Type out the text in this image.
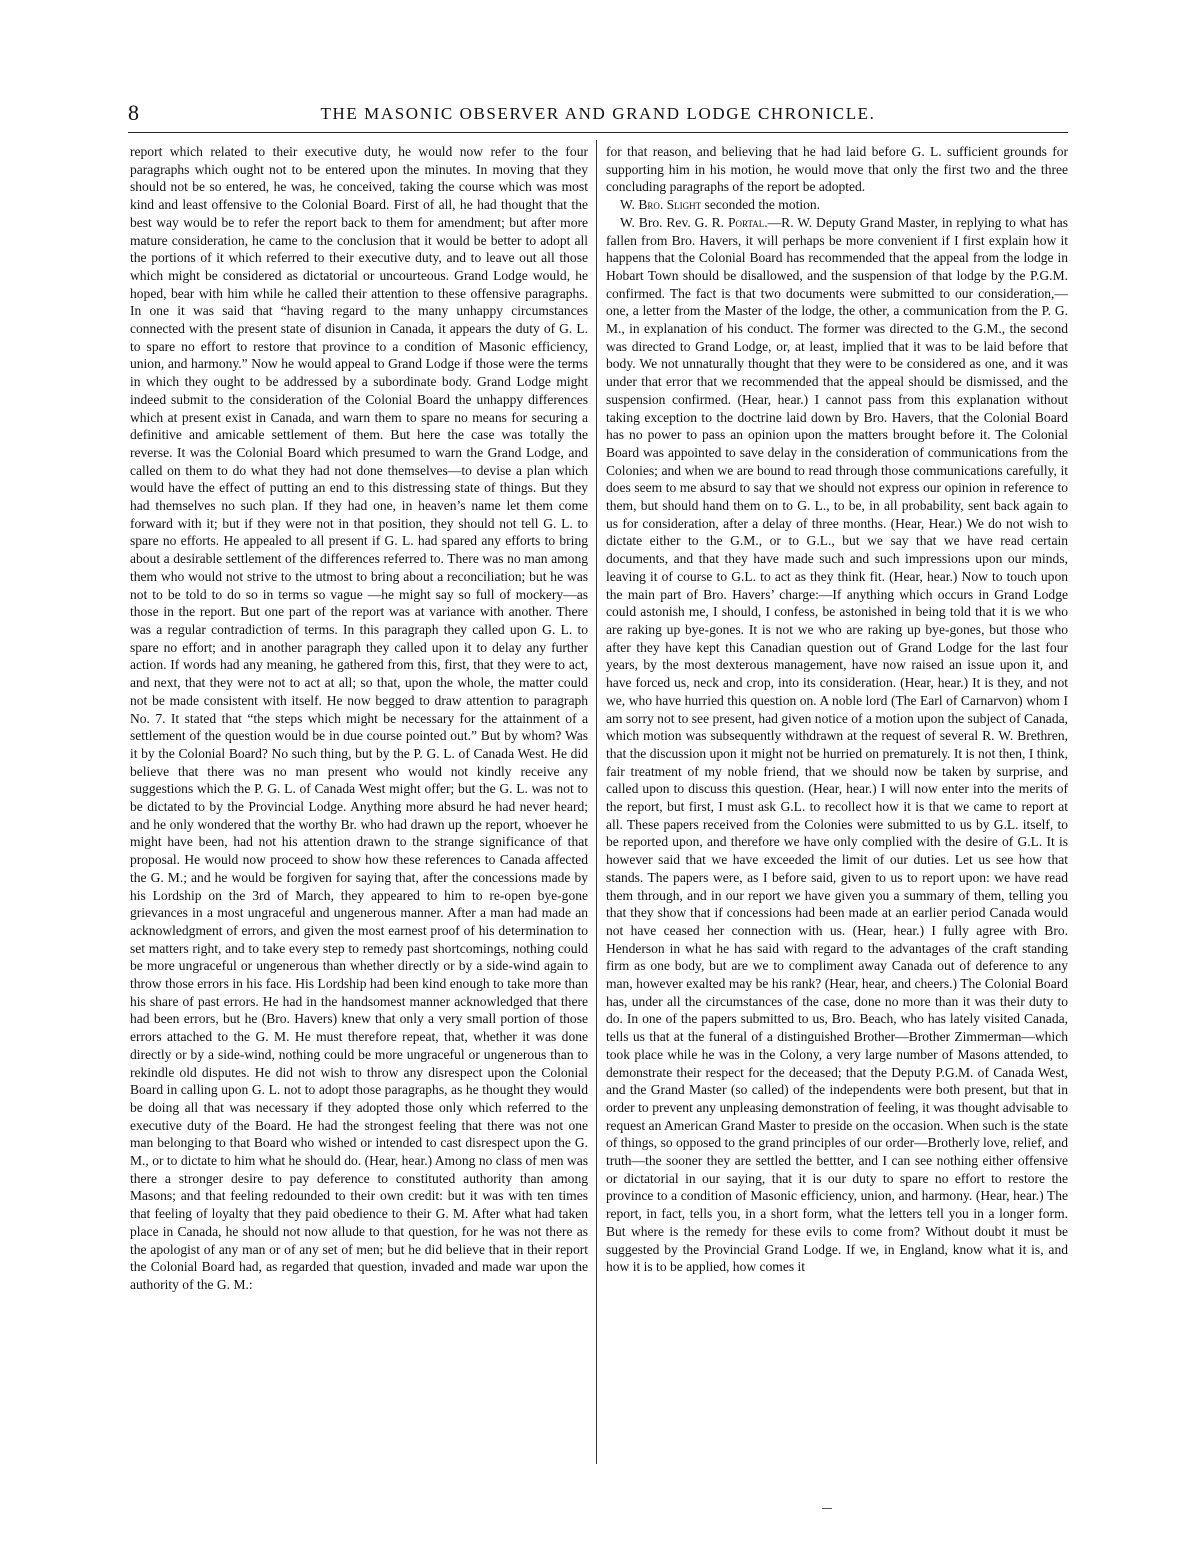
8	THE MASONIC OBSERVER AND GRAND LODGE CHRONICLE.

report which related to their executive duty, he would now refer to the four paragraphs which ought not to be entered upon the minutes. In moving that they should not be so entered, he was, he conceived, taking the course which was most kind and least offensive to the Colonial Board. First of all, he had thought that the best way would be to refer the report back to them for amendment; but after more mature consideration, he came to the conclusion that it would be better to adopt all the portions of it which referred to their executive duty, and to leave out all those which might be considered as dictatorial or uncourteous. Grand Lodge would, he hoped, bear with him while he called their attention to these offensive paragraphs. In one it was said that “having regard to the many unhappy circumstances connected with the present state of disunion in Canada, it appears the duty of G. L. to spare no effort to restore that province to a condition of Masonic efficiency, union, and harmony.” Now he would appeal to Grand Lodge if those were the terms in which they ought to be addressed by a subordinate body. Grand Lodge might indeed submit to the consideration of the Colonial Board the unhappy differences which at present exist in Canada, and warn them to spare no means for securing a definitive and amicable settlement of them. But here the case was totally the reverse. It was the Colonial Board which presumed to warn the Grand Lodge, and called on them to do what they had not done themselves—to devise a plan which would have the effect of putting an end to this distressing state of things. But they had themselves no such plan. If they had one, in heaven’s name let them come forward with it; but if they were not in that position, they should not tell G. L. to spare no efforts. He appealed to all present if G. L. had spared any efforts to bring about a desirable settlement of the differences referred to. There was no man among them who would not strive to the utmost to bring about a reconciliation; but he was not to be told to do so in terms so vague —he might say so full of mockery—as those in the report. But one part of the report was at variance with another. There was a regular contradiction of terms. In this paragraph they called upon G. L. to spare no effort; and in another paragraph they called upon it to delay any further action. If words had any meaning, he gathered from this, first, that they were to act, and next, that they were not to act at all; so that, upon the whole, the matter could not be made consistent with itself. He now begged to draw attention to paragraph No. 7. It stated that “the steps which might be necessary for the attainment of a settlement of the question would be in due course pointed out.” But by whom? Was it by the Colonial Board? No such thing, but by the P. G. L. of Canada West. He did believe that there was no man present who would not kindly receive any suggestions which the P. G. L. of Canada West might offer; but the G. L. was not to be dictated to by the Provincial Lodge. Anything more absurd he had never heard; and he only wondered that the worthy Br. who had drawn up the report, whoever he might have been, had not his attention drawn to the strange significance of that proposal. He would now proceed to show how these references to Canada affected the G. M.; and he would be forgiven for saying that, after the concessions made by his Lordship on the 3rd of March, they appeared to him to re-open bye-gone grievances in a most ungraceful and ungenerous manner. After a man had made an acknowledgment of errors, and given the most earnest proof of his determination to set matters right, and to take every step to remedy past shortcomings, nothing could be more ungraceful or ungenerous than whether directly or by a side-wind again to throw those errors in his face. His Lordship had been kind enough to take more than his share of past errors. He had in the handsomest manner acknowledged that there had been errors, but he (Bro. Havers) knew that only a very small portion of those errors attached to the G. M. He must therefore repeat, that, whether it was done directly or by a side-wind, nothing could be more ungraceful or ungenerous than to rekindle old disputes. He did not wish to throw any disrespect upon the Colonial Board in calling upon G. L. not to adopt those paragraphs, as he thought they would be doing all that was necessary if they adopted those only which referred to the executive duty of the Board. He had the strongest feeling that there was not one man belonging to that Board who wished or intended to cast disrespect upon the G. M., or to dictate to him what he should do. (Hear, hear.) Among no class of men was there a stronger desire to pay deference to constituted authority than among Masons; and that feeling redounded to their own credit: but it was with ten times that feeling of loyalty that they paid obedience to their G. M. After what had taken place in Canada, he should not now allude to that question, for he was not there as the apologist of any man or of any set of men; but he did believe that in their report the Colonial Board had, as regarded that question, invaded and made war upon the authority of the G. M.:

for that reason, and believing that he had laid before G. L. sufficient grounds for supporting him in his motion, he would move that only the first two and the three concluding paragraphs of the report be adopted.

W. Bro. Slight seconded the motion.

W. Bro. Rev. G. R. Portal.—R. W. Deputy Grand Master, in replying to what has fallen from Bro. Havers, it will perhaps be more convenient if I first explain how it happens that the Colonial Board has recommended that the appeal from the lodge in Hobart Town should be disallowed, and the suspension of that lodge by the P.G.M. confirmed. The fact is that two documents were submitted to our consideration,—one, a letter from the Master of the lodge, the other, a communication from the P. G. M., in explanation of his conduct. The former was directed to the G.M., the second was directed to Grand Lodge, or, at least, implied that it was to be laid before that body. We not unnaturally thought that they were to be considered as one, and it was under that error that we recommended that the appeal should be dismissed, and the suspension confirmed. (Hear, hear.) I cannot pass from this explanation without taking exception to the doctrine laid down by Bro. Havers, that the Colonial Board has no power to pass an opinion upon the matters brought before it. The Colonial Board was appointed to save delay in the consideration of communications from the Colonies; and when we are bound to read through those communications carefully, it does seem to me absurd to say that we should not express our opinion in reference to them, but should hand them on to G. L., to be, in all probability, sent back again to us for consideration, after a delay of three months. (Hear, Hear.) We do not wish to dictate either to the G.M., or to G.L., but we say that we have read certain documents, and that they have made such and such impressions upon our minds, leaving it of course to G.L. to act as they think fit. (Hear, hear.) Now to touch upon the main part of Bro. Havers’ charge:—If anything which occurs in Grand Lodge could astonish me, I should, I confess, be astonished in being told that it is we who are raking up bye-gones. It is not we who are raking up bye-gones, but those who after they have kept this Canadian question out of Grand Lodge for the last four years, by the most dexterous management, have now raised an issue upon it, and have forced us, neck and crop, into its consideration. (Hear, hear.) It is they, and not we, who have hurried this question on. A noble lord (The Earl of Carnarvon) whom I am sorry not to see present, had given notice of a motion upon the subject of Canada, which motion was subsequently withdrawn at the request of several R. W. Brethren, that the discussion upon it might not be hurried on prematurely. It is not then, I think, fair treatment of my noble friend, that we should now be taken by surprise, and called upon to discuss this question. (Hear, hear.) I will now enter into the merits of the report, but first, I must ask G.L. to recollect how it is that we came to report at all. These papers received from the Colonies were submitted to us by G.L. itself, to be reported upon, and therefore we have only complied with the desire of G.L. It is however said that we have exceeded the limit of our duties. Let us see how that stands. The papers were, as I before said, given to us to report upon: we have read them through, and in our report we have given you a summary of them, telling you that they show that if concessions had been made at an earlier period Canada would not have ceased her connection with us. (Hear, hear.) I fully agree with Bro. Henderson in what he has said with regard to the advantages of the craft standing firm as one body, but are we to compliment away Canada out of deference to any man, however exalted may be his rank? (Hear, hear, and cheers.) The Colonial Board has, under all the circumstances of the case, done no more than it was their duty to do. In one of the papers submitted to us, Bro. Beach, who has lately visited Canada, tells us that at the funeral of a distinguished Brother—Brother Zimmerman—which took place while he was in the Colony, a very large number of Masons attended, to demonstrate their respect for the deceased; that the Deputy P.G.M. of Canada West, and the Grand Master (so called) of the independents were both present, but that in order to prevent any unpleasing demonstration of feeling, it was thought advisable to request an American Grand Master to preside on the occasion. When such is the state of things, so opposed to the grand principles of our order—Brotherly love, relief, and truth—the sooner they are settled the bettter, and I can see nothing either offensive or dictatorial in our saying, that it is our duty to spare no effort to restore the province to a condition of Masonic efficiency, union, and harmony. (Hear, hear.) The report, in fact, tells you, in a short form, what the letters tell you in a longer form. But where is the remedy for these evils to come from? Without doubt it must be suggested by the Provincial Grand Lodge. If we, in England, know what it is, and how it is to be applied, how comes it
